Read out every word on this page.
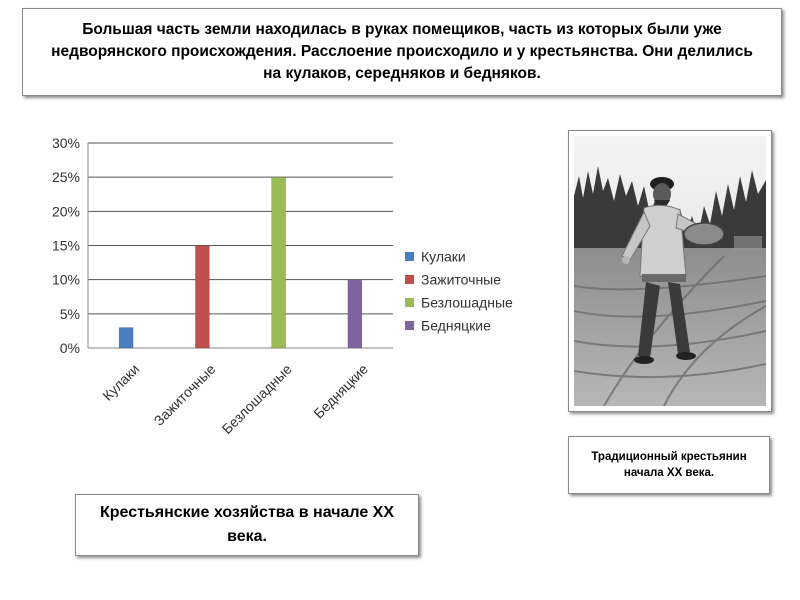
Большая часть земли находилась в руках помещиков, часть из которых были уже недворянского происхождения. Расслоение происходило и у крестьянства. Они делились на кулаков, середняков и бедняков.
0%
5%
10%
15%
20%
25%
30%
Кулаки Зажиточные Безлошадные Бедняцкие
Кулаки
Зажиточные
Безлошадные
Бедняцкие
Традиционный крестьянин начала XX века.
Крестьянские хозяйства в начале XX века.
